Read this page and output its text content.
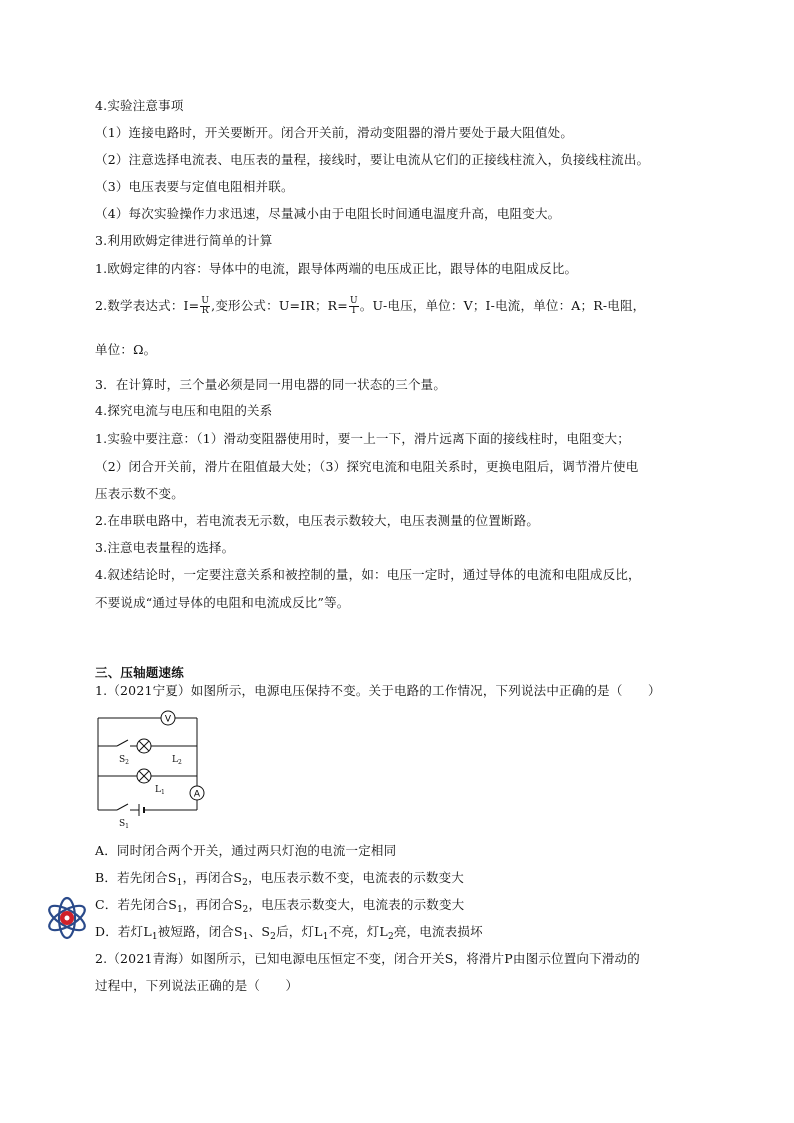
4.实验注意事项
（1）连接电路时，开关要断开。闭合开关前，滑动变阻器的滑片要处于最大阻值处。
（2）注意选择电流表、电压表的量程，接线时，要让电流从它们的正接线柱流入，负接线柱流出。
（3）电压表要与定值电阻相并联。
（4）每次实验操作力求迅速，尽量减小由于电阻长时间通电温度升高，电阻变大。
3.利用欧姆定律进行简单的计算
1.欧姆定律的内容：导体中的电流，跟导体两端的电压成正比，跟导体的电阻成反比。
2.数学表达式：$I= \frac{U}{R}$ ,变形公式：U=IR；$R= \frac{U}{I}$ 。U-电压，单位：V；I-电流，单位：A；R-电阻，
单位：Ω。
3．在计算时，三个量必须是同一用电器的同一状态的三个量。
4.探究电流与电压和电阻的关系
1.实验中要注意：（1）滑动变阻器使用时，要一上一下，滑片远离下面的接线柱时，电阻变大；
（2）闭合开关前，滑片在阻值最大处；（3）探究电流和电阻关系时，更换电阻后，调节滑片使电
压表示数不变。
2.在串联电路中，若电流表无示数，电压表示数较大，电压表测量的位置断路。
3.注意电表量程的选择。
4.叙述结论时，一定要注意关系和被控制的量，如：电压一定时，通过导体的电流和电阻成反比，
不要说成“通过导体的电阻和电流成反比”等。
三、压轴题速练
1.（2021宁夏）如图所示，电源电压保持不变。关于电路的工作情况，下列说法中正确的是（　　）
V
A
$S_2$	$L_2$
$L_1$
$S_1$
A．同时闭合两个开关，通过两只灯泡的电流一定相同
B．若先闭合$S_1$，再闭合$S_2$，电压表示数不变，电流表的示数变大
C．若先闭合$S_1$，再闭合$S_2$，电压表示数变大，电流表的示数变大
D．若灯$L_1$被短路，闭合$S_1$、$S_2$后，灯$L_1$不亮，灯$L_2$亮，电流表损坏
2.（2021青海）如图所示，已知电源电压恒定不变，闭合开关S，将滑片P由图示位置向下滑动的
过程中，下列说法正确的是（　　）
